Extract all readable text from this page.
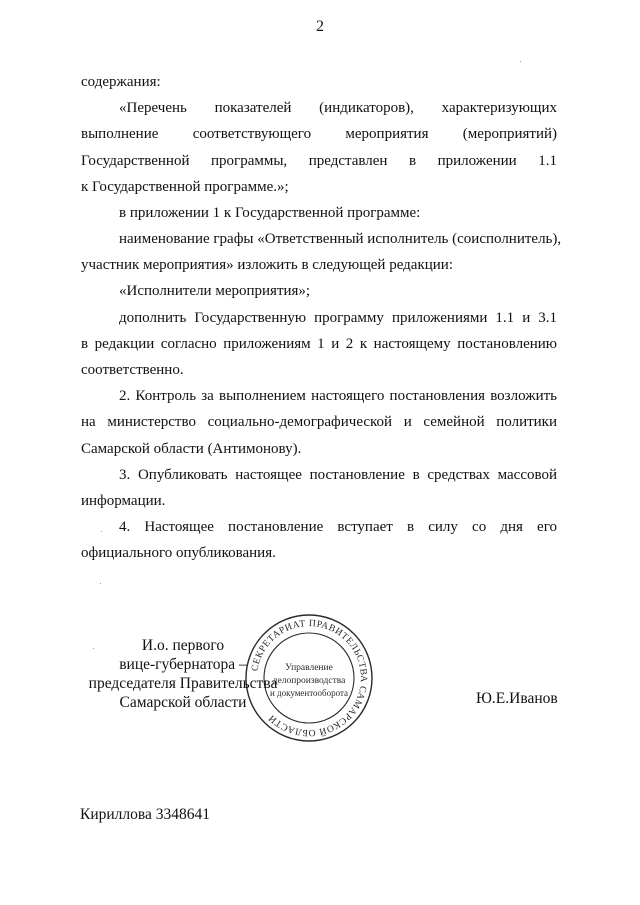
2
содержания:
«Перечень показателей (индикаторов), характеризующих
выполнение соответствующего мероприятия (мероприятий)
Государственной программы, представлен в приложении 1.1
к Государственной программе.»;
в приложении 1 к Государственной программе:
наименование графы «Ответственный исполнитель (соисполнитель),
участник мероприятия» изложить в следующей редакции:
«Исполнители мероприятия»;
дополнить Государственную программу приложениями 1.1 и 3.1
в редакции согласно приложениям 1 и 2 к настоящему постановлению
соответственно.
2. Контроль за выполнением настоящего постановления возложить
на министерство социально-демографической и семейной политики
Самарской области (Антимонову).
3. Опубликовать настоящее постановление в средствах массовой
информации.
4. Настоящее постановление вступает в силу со дня его
официального опубликования.
СЕКРЕТАРИАТ ПРАВИТЕЛЬСТВА САМАРСКОЙ ОБЛАСТИ
Управление
делопроизводства
и документооборота
И.о. первого
вице-губернатора –
председателя Правительства
Самарской области	Ю.Е.Иванов
Кириллова 3348641
